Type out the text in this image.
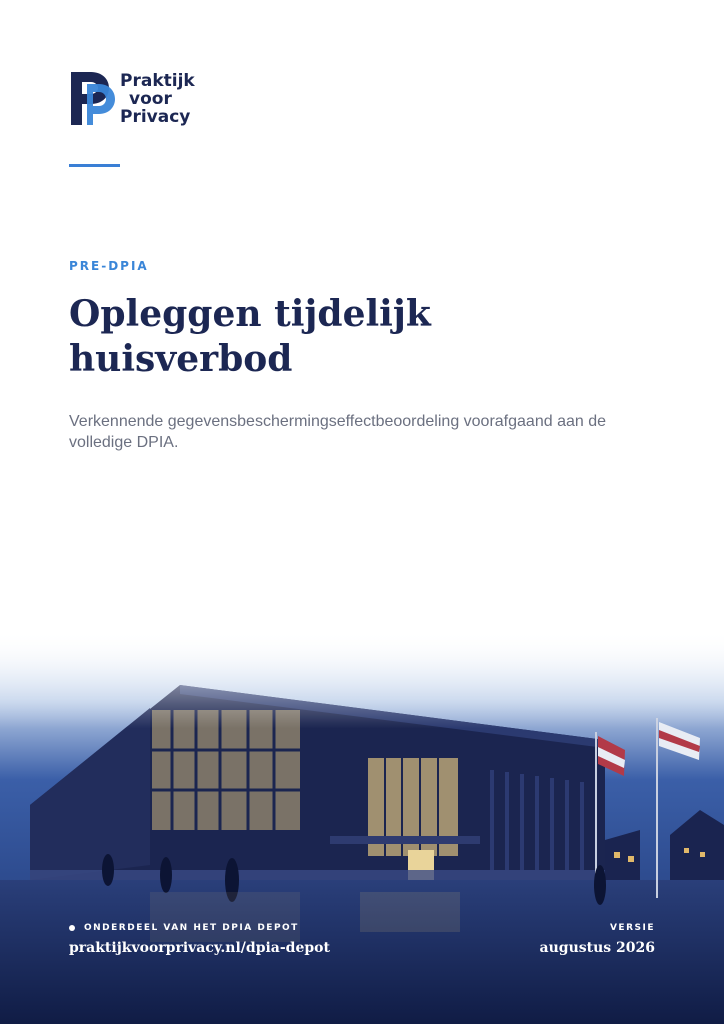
Praktijk
voor
Privacy
PRE-DPIA
Opleggen tijdelijk
huisverbod
Verkennende gegevensbeschermingseffectbeoordeling voorafgaand aan de volledige DPIA.
ONDERDEEL VAN HET DPIA DEPOT
praktijkvoorprivacy.nl/dpia-depot
VERSIE
augustus 2026
